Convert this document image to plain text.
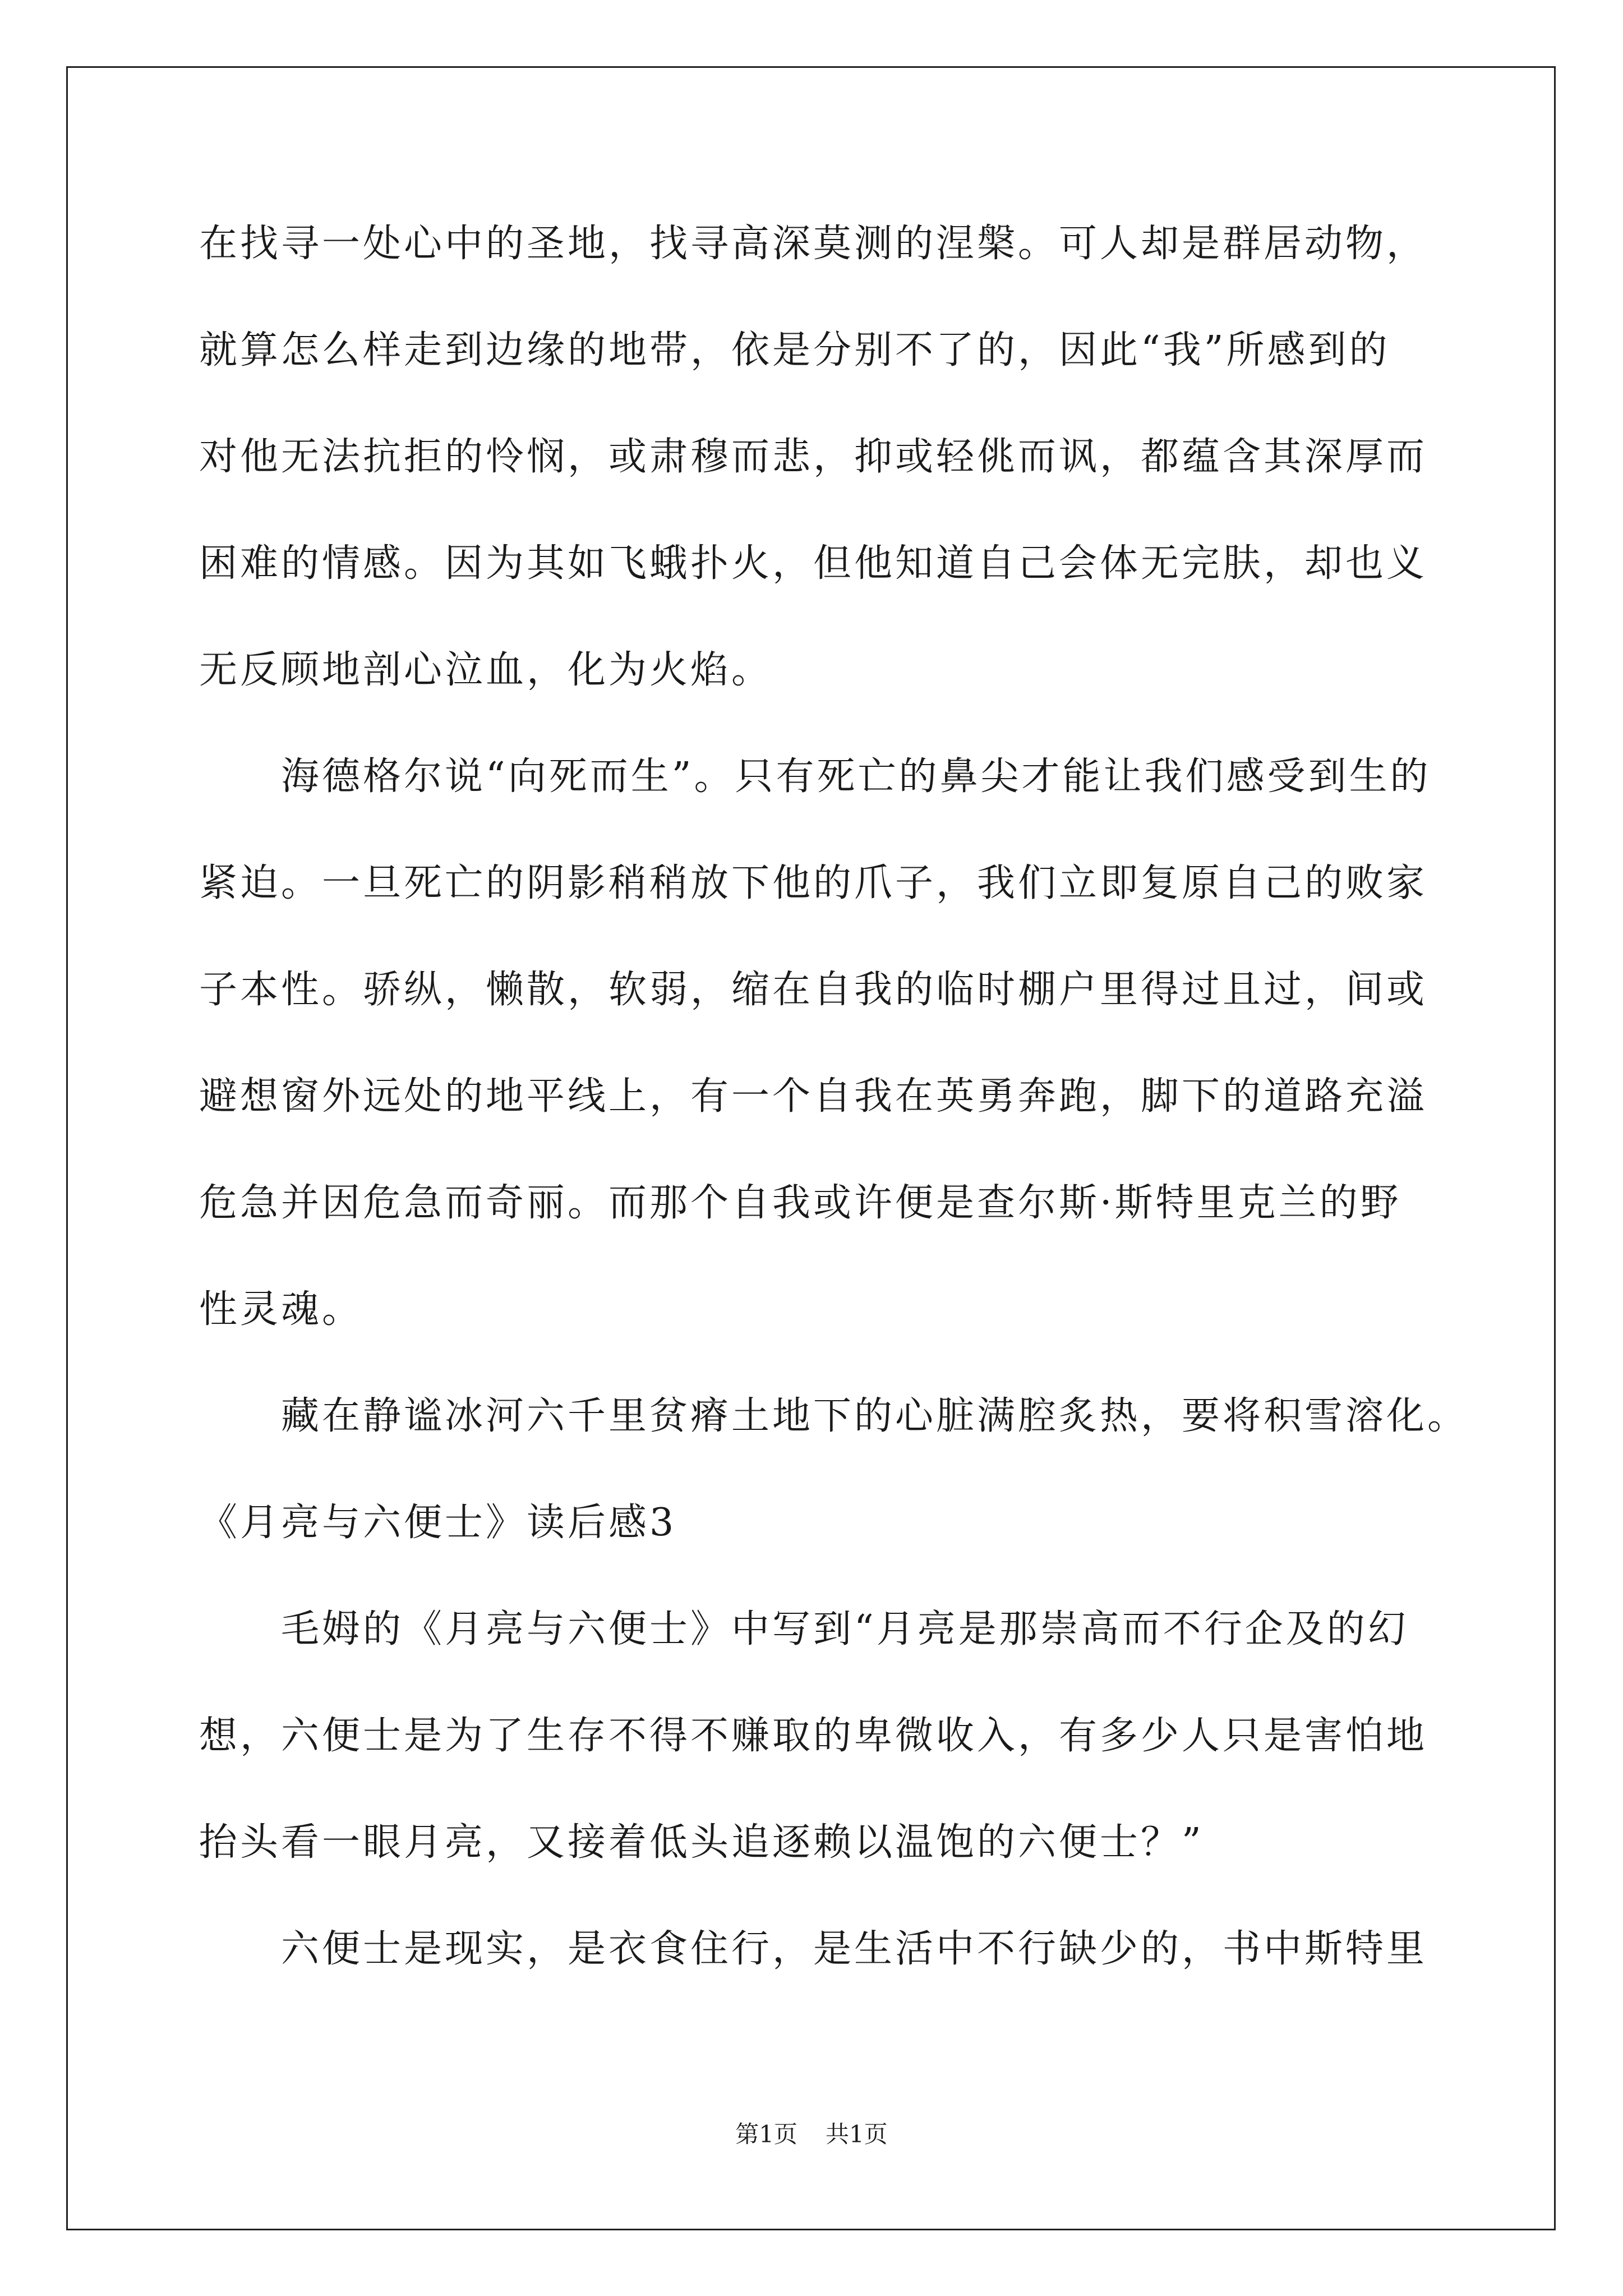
在找寻一处心中的圣地，找寻高深莫测的涅槃。可人却是群居动物，
就算怎么样走到边缘的地带，依是分别不了的，因此“我”所感到的
对他无法抗拒的怜悯，或肃穆而悲，抑或轻佻而讽，都蕴含其深厚而
困难的情感。因为其如飞蛾扑火，但他知道自己会体无完肤，却也义
无反顾地剖心泣血，化为火焰。
　　海德格尔说“向死而生”。只有死亡的鼻尖才能让我们感受到生的
紧迫。一旦死亡的阴影稍稍放下他的爪子，我们立即复原自己的败家
子本性。骄纵，懒散，软弱，缩在自我的临时棚户里得过且过，间或
避想窗外远处的地平线上，有一个自我在英勇奔跑，脚下的道路充溢
危急并因危急而奇丽。而那个自我或许便是查尔斯·斯特里克兰的野
性灵魂。
　　藏在静谧冰河六千里贫瘠土地下的心脏满腔炙热，要将积雪溶化。
《月亮与六便士》读后感3
　　毛姆的《月亮与六便士》中写到“月亮是那崇高而不行企及的幻
想，六便士是为了生存不得不赚取的卑微收入，有多少人只是害怕地
抬头看一眼月亮，又接着低头追逐赖以温饱的六便士？”
　　六便士是现实，是衣食住行，是生活中不行缺少的，书中斯特里
第1页 共1页
